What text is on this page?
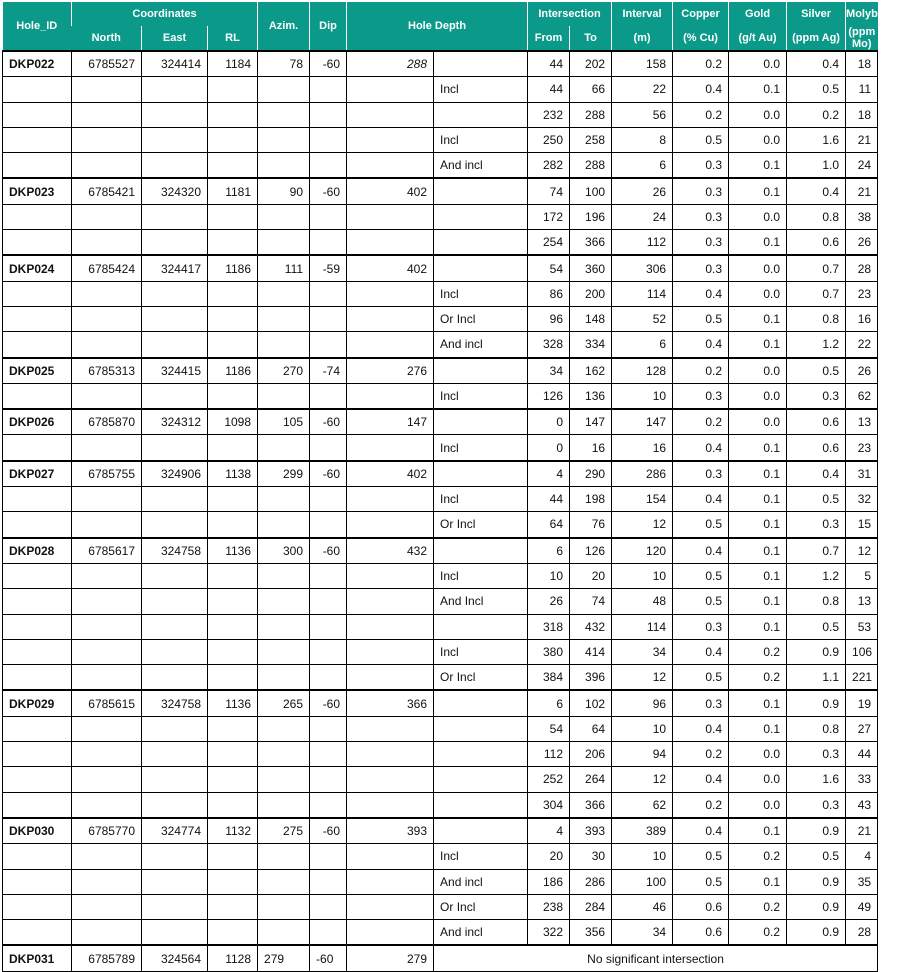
Hole_ID	Coordinates			Azim.	Dip	Hole Depth		Intersection		Interval	Copper	Gold	Silver	Molybdenum
	North	East	RL					From	To	(m)	(% Cu)	(g/t Au)	(ppm Ag)	(ppm Mo)
DKP022	6785527	324414	1184	78	-60	288		44	202	158	0.2	0.0	0.4	18
							Incl	44	66	22	0.4	0.1	0.5	11
								232	288	56	0.2	0.0	0.2	18
							Incl	250	258	8	0.5	0.0	1.6	21
							And incl	282	288	6	0.3	0.1	1.0	24
DKP023	6785421	324320	1181	90	-60	402		74	100	26	0.3	0.1	0.4	21
								172	196	24	0.3	0.0	0.8	38
								254	366	112	0.3	0.1	0.6	26
DKP024	6785424	324417	1186	111	-59	402		54	360	306	0.3	0.0	0.7	28
							Incl	86	200	114	0.4	0.0	0.7	23
							Or Incl	96	148	52	0.5	0.1	0.8	16
							And incl	328	334	6	0.4	0.1	1.2	22
DKP025	6785313	324415	1186	270	-74	276		34	162	128	0.2	0.0	0.5	26
							Incl	126	136	10	0.3	0.0	0.3	62
DKP026	6785870	324312	1098	105	-60	147		0	147	147	0.2	0.0	0.6	13
							Incl	0	16	16	0.4	0.1	0.6	23
DKP027	6785755	324906	1138	299	-60	402		4	290	286	0.3	0.1	0.4	31
							Incl	44	198	154	0.4	0.1	0.5	32
							Or Incl	64	76	12	0.5	0.1	0.3	15
DKP028	6785617	324758	1136	300	-60	432		6	126	120	0.4	0.1	0.7	12
							Incl	10	20	10	0.5	0.1	1.2	5
							And Incl	26	74	48	0.5	0.1	0.8	13
								318	432	114	0.3	0.1	0.5	53
							Incl	380	414	34	0.4	0.2	0.9	106
							Or Incl	384	396	12	0.5	0.2	1.1	221
DKP029	6785615	324758	1136	265	-60	366		6	102	96	0.3	0.1	0.9	19
								54	64	10	0.4	0.1	0.8	27
								112	206	94	0.2	0.0	0.3	44
								252	264	12	0.4	0.0	1.6	33
								304	366	62	0.2	0.0	0.3	43
DKP030	6785770	324774	1132	275	-60	393		4	393	389	0.4	0.1	0.9	21
							Incl	20	30	10	0.5	0.2	0.5	4
							And incl	186	286	100	0.5	0.1	0.9	35
							Or Incl	238	284	46	0.6	0.2	0.9	49
							And incl	322	356	34	0.6	0.2	0.9	28
DKP031	6785789	324564	1128	279	-60	279	No significant intersection							
